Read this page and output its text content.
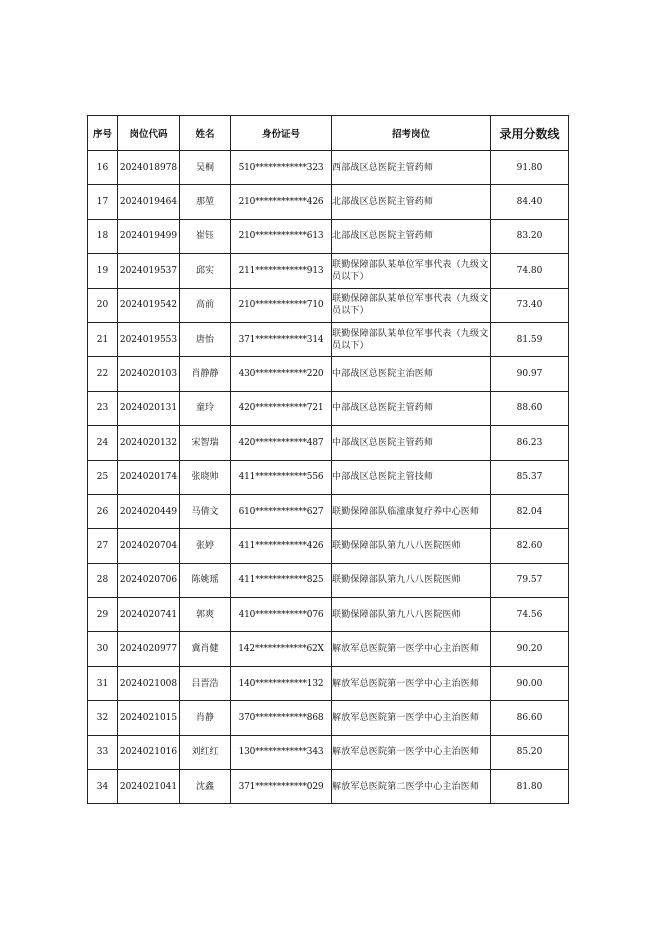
序号	岗位代码	姓名	身份证号	招考岗位	录用分数线
16	2024018978	吴桐	510************323	西部战区总医院主管药师	91.80
17	2024019464	那堃	210************426	北部战区总医院主管药师	84.40
18	2024019499	崔钰	210************613	北部战区总医院主管药师	83.20
19	2024019537	邱实	211************913	联勤保障部队某单位军事代表（九级文员以下）	74.80
20	2024019542	高前	210************710	联勤保障部队某单位军事代表（九级文员以下）	73.40
21	2024019553	唐怡	371************314	联勤保障部队某单位军事代表（九级文员以下）	81.59
22	2024020103	肖静静	430************220	中部战区总医院主治医师	90.97
23	2024020131	童玲	420************721	中部战区总医院主管药师	88.60
24	2024020132	宋智瑞	420************487	中部战区总医院主管药师	86.23
25	2024020174	张晓帅	411************556	中部战区总医院主管技师	85.37
26	2024020449	马倩文	610************627	联勤保障部队临潼康复疗养中心医师	82.04
27	2024020704	张婷	411************426	联勤保障部队第九八八医院医师	82.60
28	2024020706	陈姚瑶	411************825	联勤保障部队第九八八医院医师	79.57
29	2024020741	郭爽	410************076	联勤保障部队第九八八医院医师	74.56
30	2024020977	冀肖健	142************62X	解放军总医院第一医学中心主治医师	90.20
31	2024021008	吕晋浩	140************132	解放军总医院第一医学中心主治医师	90.00
32	2024021015	肖静	370************868	解放军总医院第一医学中心主治医师	86.60
33	2024021016	刘红红	130************343	解放军总医院第一医学中心主治医师	85.20
34	2024021041	沈鑫	371************029	解放军总医院第二医学中心主治医师	81.80
